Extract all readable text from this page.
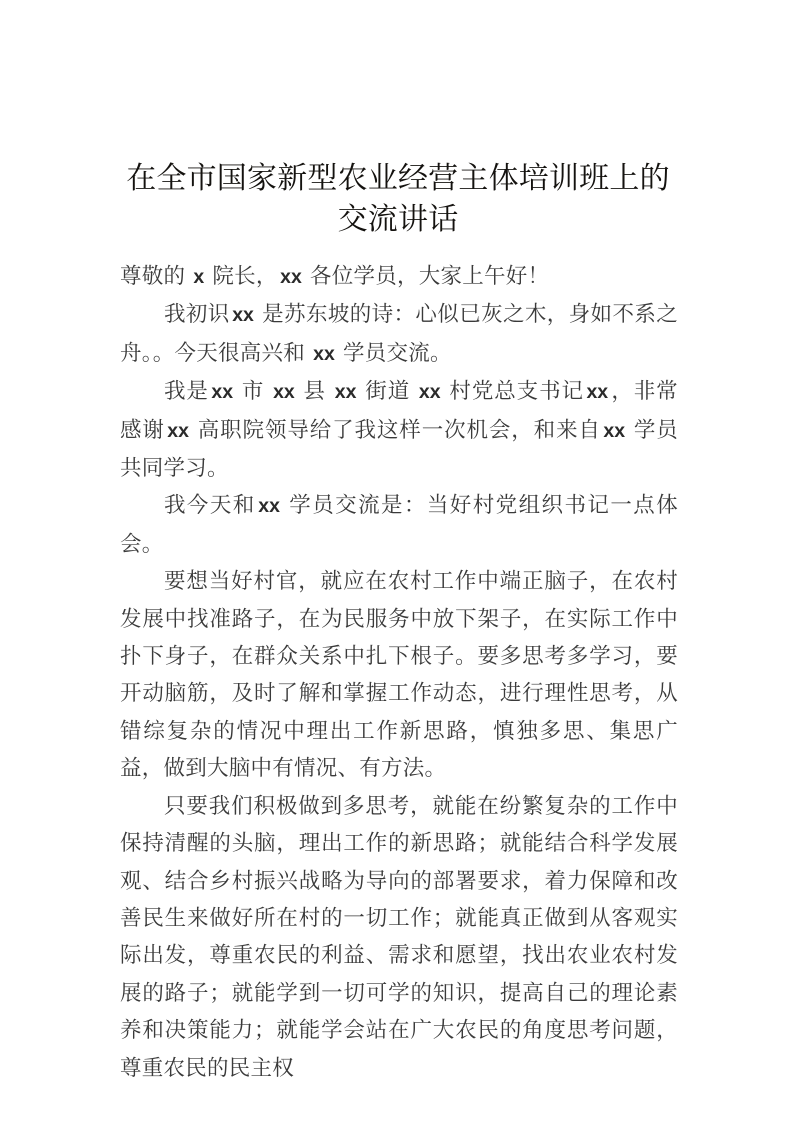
在全市国家新型农业经营主体培训班上的
交流讲话

尊敬的 x 院长， xx 各位学员，大家上午好！

我初识 xx 是苏东坡的诗：心似已灰之木，身如不系之舟。。今天很高兴和 xx 学员交流。

我是 xx 市 xx 县 xx 街道 xx 村党总支书记 xx ，非常感谢 xx 高职院领导给了我这样一次机会，和来自 xx 学员共同学习。

我今天和 xx 学员交流是：当好村党组织书记一点体会。

要想当好村官，就应在农村工作中端正脑子，在农村发展中找准路子，在为民服务中放下架子，在实际工作中扑下身子，在群众关系中扎下根子。要多思考多学习，要开动脑筋，及时了解和掌握工作动态，进行理性思考，从错综复杂的情况中理出工作新思路，慎独多思、集思广益，做到大脑中有情况、有方法。

只要我们积极做到多思考，就能在纷繁复杂的工作中保持清醒的头脑，理出工作的新思路；就能结合科学发展观、结合乡村振兴战略为导向的部署要求，着力保障和改善民生来做好所在村的一切工作；就能真正做到从客观实际出发，尊重农民的利益、需求和愿望，找出农业农村发展的路子；就能学到一切可学的知识，提高自己的理论素养和决策能力；就能学会站在广大农民的角度思考问题，尊重农民的民主权
